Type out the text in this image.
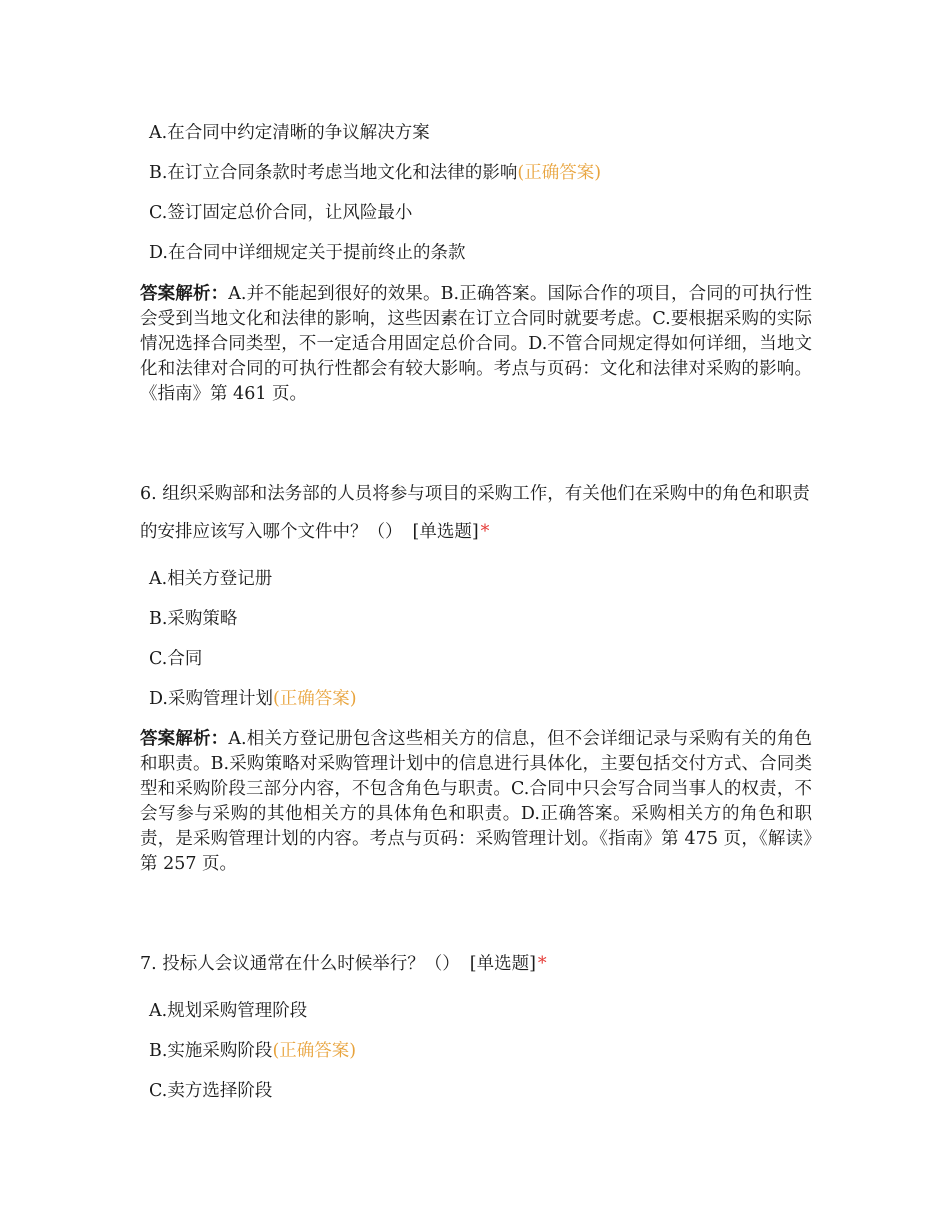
A.在合同中约定清晰的争议解决方案
B.在订立合同条款时考虑当地文化和法律的影响(正确答案)
C.签订固定总价合同，让风险最小
D.在合同中详细规定关于提前终止的条款
答案解析：A.并不能起到很好的效果。B.正确答案。国际合作的项目，合同的可执行性会受到当地文化和法律的影响，这些因素在订立合同时就要考虑。C.要根据采购的实际情况选择合同类型，不一定适合用固定总价合同。D.不管合同规定得如何详细，当地文化和法律对合同的可执行性都会有较大影响。考点与页码：文化和法律对采购的影响。《指南》第 461 页。
6. 组织采购部和法务部的人员将参与项目的采购工作，有关他们在采购中的角色和职责的安排应该写入哪个文件中？（） [单选题] *
A.相关方登记册
B.采购策略
C.合同
D.采购管理计划(正确答案)
答案解析：A.相关方登记册包含这些相关方的信息，但不会详细记录与采购有关的角色和职责。B.采购策略对采购管理计划中的信息进行具体化，主要包括交付方式、合同类型和采购阶段三部分内容，不包含角色与职责。C.合同中只会写合同当事人的权责，不会写参与采购的其他相关方的具体角色和职责。D.正确答案。采购相关方的角色和职责，是采购管理计划的内容。考点与页码：采购管理计划。《指南》第 475 页，《解读》第 257 页。
7. 投标人会议通常在什么时候举行？（） [单选题] *
A.规划采购管理阶段
B.实施采购阶段(正确答案)
C.卖方选择阶段
